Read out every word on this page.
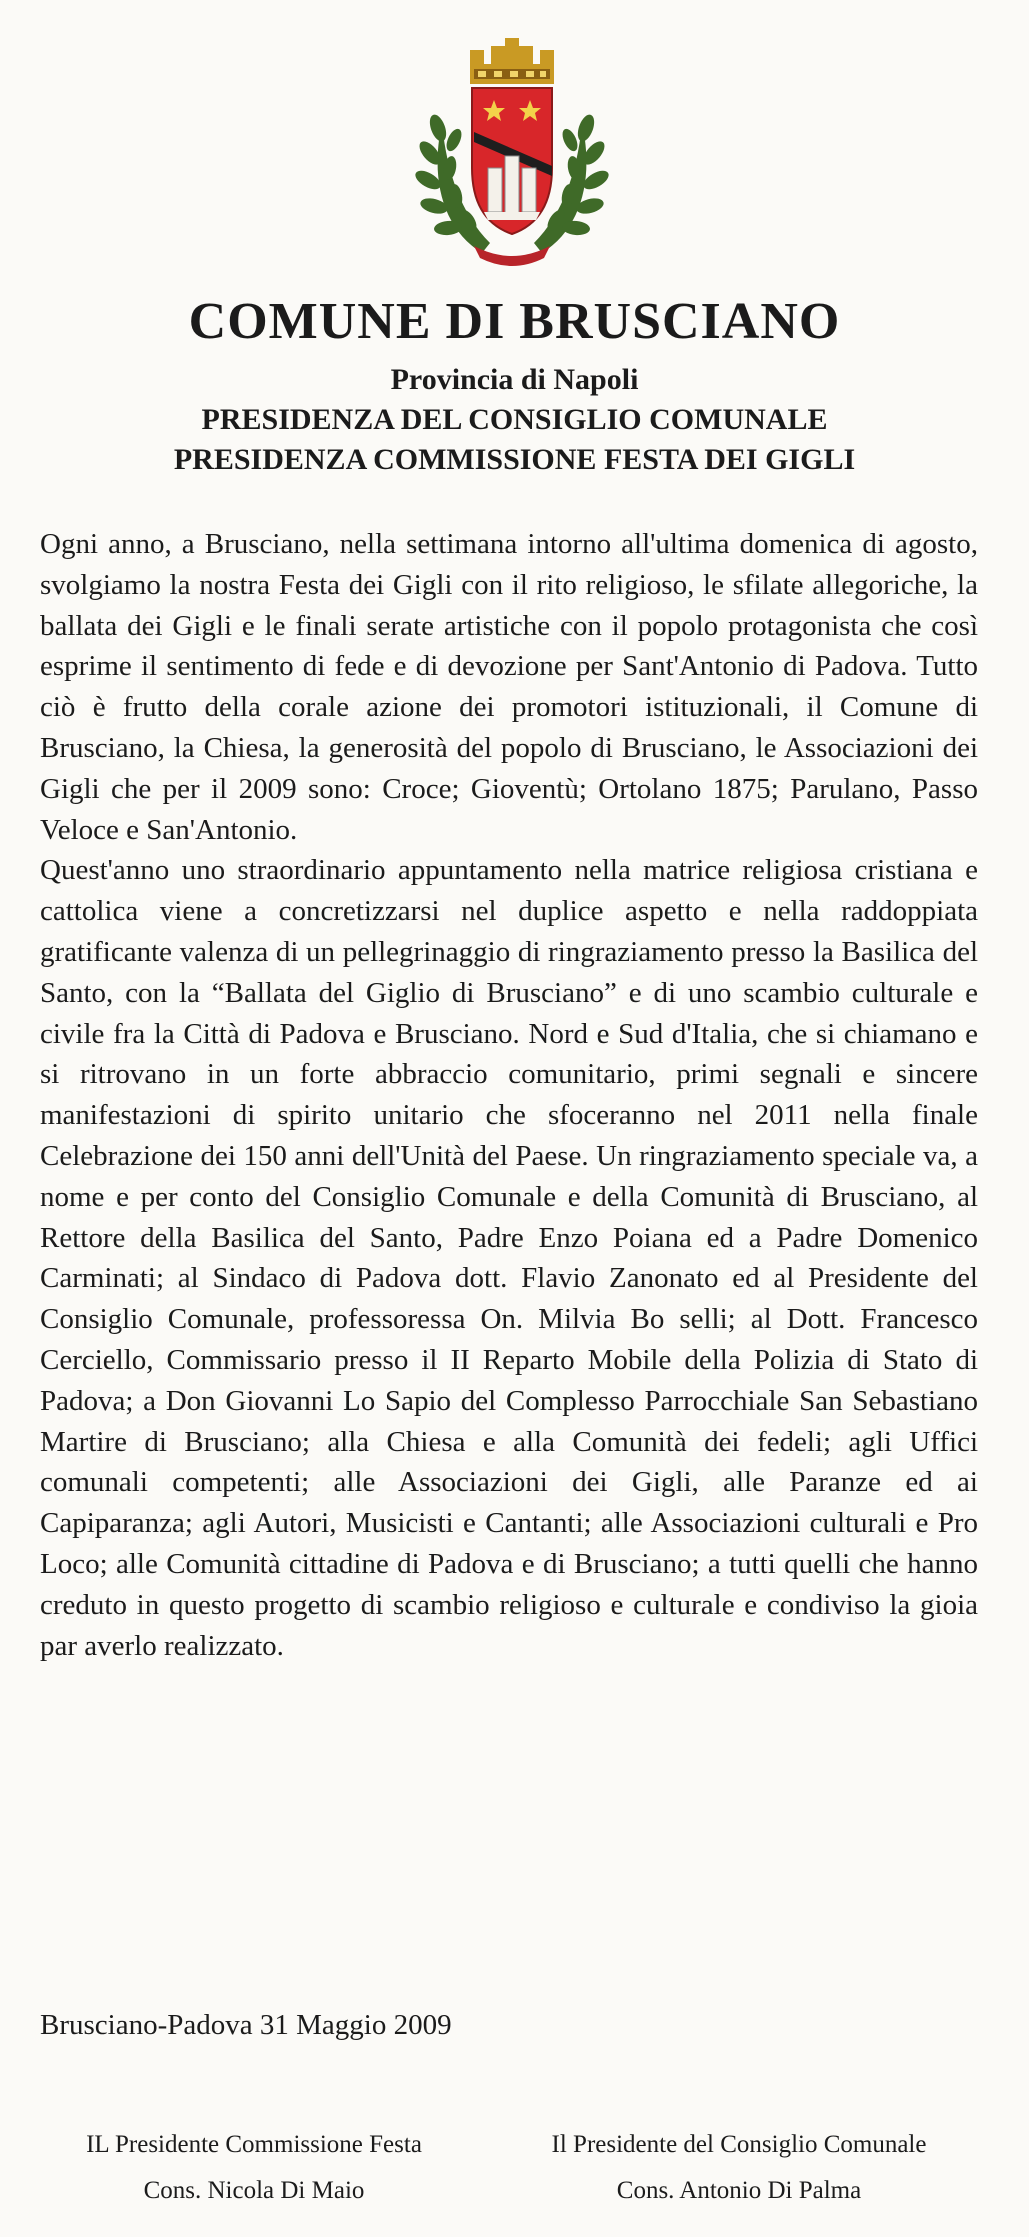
COMUNE DI BRUSCIANO
Provincia di Napoli
PRESIDENZA DEL CONSIGLIO COMUNALE
PRESIDENZA COMMISSIONE FESTA DEI GIGLI

Ogni anno, a Brusciano, nella settimana intorno all'ultima domenica di agosto, svolgiamo la nostra Festa dei Gigli con il rito religioso, le sfilate allegoriche, la ballata dei Gigli e le finali serate artistiche con il popolo protagonista che così esprime il sentimento di fede e di devozione per Sant'Antonio di Padova. Tutto ciò è frutto della corale azione dei promotori istituzionali, il Comune di Brusciano, la Chiesa, la generosità del popolo di Brusciano, le Associazioni dei Gigli che per il 2009 sono: Croce; Gioventù; Ortolano 1875; Parulano, Passo Veloce e San'Antonio.

Quest'anno uno straordinario appuntamento nella matrice religiosa cristiana e cattolica viene a concretizzarsi nel duplice aspetto e nella raddoppiata gratificante valenza di un pellegrinaggio di ringraziamento presso la Basilica del Santo, con la “Ballata del Giglio di Brusciano” e di uno scambio culturale e civile fra la Città di Padova e Brusciano. Nord e Sud d'Italia, che si chiamano e si ritrovano in un forte abbraccio comunitario, primi segnali e sincere manifestazioni di spirito unitario che sfoceranno nel 2011 nella finale Celebrazione dei 150 anni dell'Unità del Paese. Un ringraziamento speciale va, a nome e per conto del Consiglio Comunale e della Comunità di Brusciano, al Rettore della Basilica del Santo, Padre Enzo Poiana ed a Padre Domenico Carminati; al Sindaco di Padova dott. Flavio Zanonato ed al Presidente del Consiglio Comunale, professoressa On. Milvia Bo selli; al Dott. Francesco Cerciello, Commissario presso il II Reparto Mobile della Polizia di Stato di Padova; a Don Giovanni Lo Sapio del Complesso Parrocchiale San Sebastiano Martire di Brusciano; alla Chiesa e alla Comunità dei fedeli; agli Uffici comunali competenti; alle Associazioni dei Gigli, alle Paranze ed ai Capiparanza; agli Autori, Musicisti e Cantanti; alle Associazioni culturali e Pro Loco; alle Comunità cittadine di Padova e di Brusciano; a tutti quelli che hanno creduto in questo progetto di scambio religioso e culturale e condiviso la gioia par averlo realizzato.

Brusciano-Padova 31 Maggio 2009
IL Presidente Commissione Festa
Cons. Nicola Di Maio
Il Presidente del Consiglio Comunale
Cons. Antonio Di Palma
